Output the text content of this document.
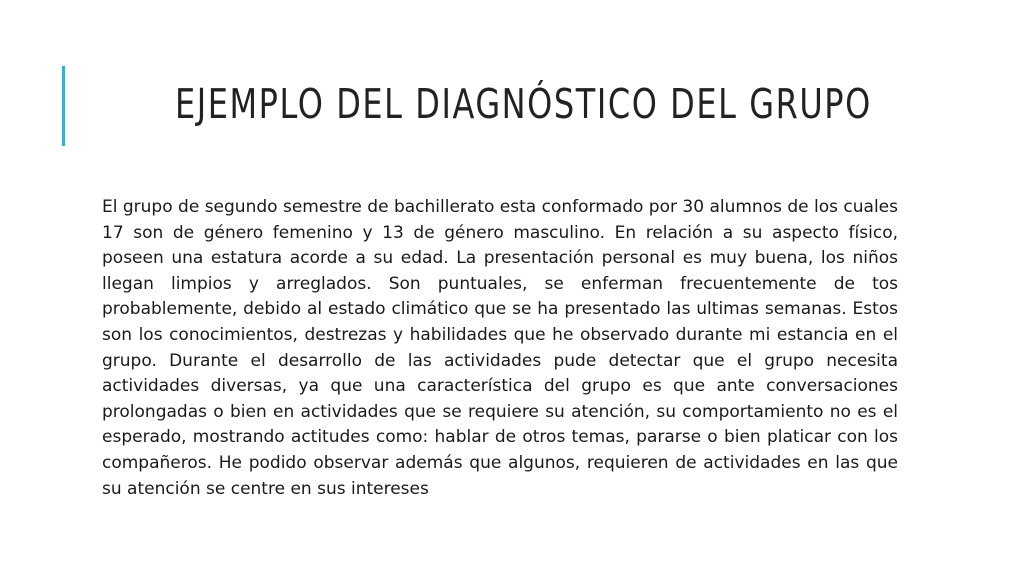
EJEMPLO DEL DIAGNÓSTICO DEL GRUPO

El grupo de segundo semestre de bachillerato esta conformado por 30 alumnos de los cuales 17 son de género femenino y 13 de género masculino. En relación a su aspecto físico, poseen una estatura acorde a su edad. La presentación personal es muy buena, los niños llegan limpios y arreglados. Son puntuales, se enferman frecuentemente de tos probablemente, debido al estado climático que se ha presentado las ultimas semanas. Estos son los conocimientos, destrezas y habilidades que he observado durante mi estancia en el grupo. Durante el desarrollo de las actividades pude detectar que el grupo necesita actividades diversas, ya que una característica del grupo es que ante conversaciones prolongadas o bien en actividades que se requiere su atención, su comportamiento no es el esperado, mostrando actitudes como: hablar de otros temas, pararse o bien platicar con los compañeros. He podido observar además que algunos, requieren de actividades en las que su atención se centre en sus intereses
